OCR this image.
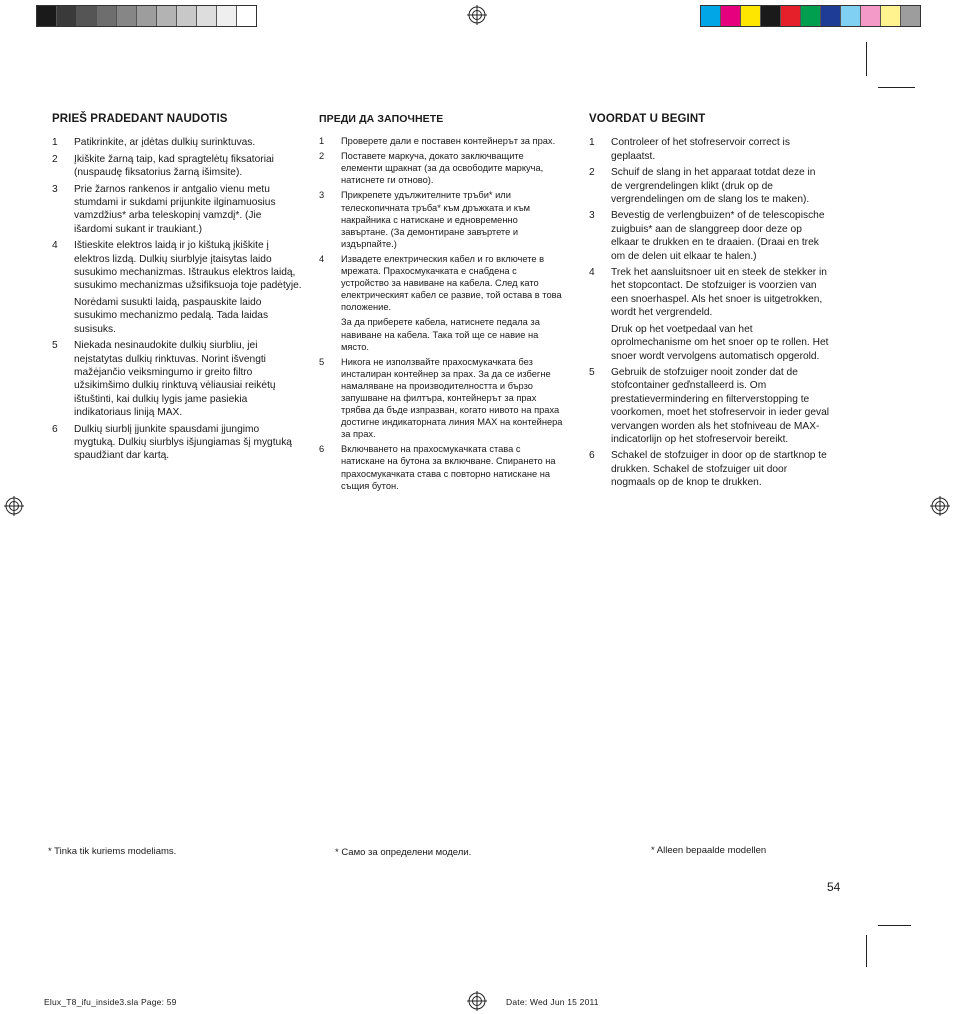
PRIEŠ PRADEDANT NAUDOTIS
1 Patikrinkite, ar įdėtas dulkių surinktuvas.

2 Įkiškite žarną taip, kad spragtelėtų fiksatoriai (nuspaudę fiksatorius žarną išimsite).

3 Prie žarnos rankenos ir antgalio vienu metu stumdami ir sukdami prijunkite ilginamuosius vamzdžius* arba teleskopinį vamzdį*. (Jie išardomi sukant ir traukiant.)

4 Ištieskite elektros laidą ir jo kištuką įkiškite į elektros lizdą. Dulkių siurblyje įtaisytas laido susukimo mechanizmas. Ištraukus elektros laidą, susukimo mechanizmas užsifiksuoja toje padėtyje.

Norėdami susukti laidą, paspauskite laido susukimo mechanizmo pedalą. Tada laidas susisuks.

5 Niekada nesinaudokite dulkių siurbliu, jei neįstatytas dulkių rinktuvas. Norint išvengti mažėjančio veiksmingumo ir greito filtro užsikimšimo dulkių rinktuvą vėliausiai reikėtų ištuštinti, kai dulkių lygis jame pasiekia indikatoriaus liniją MAX.

6 Dulkių siurblį įjunkite spausdami įjungimo mygtuką. Dulkių siurblys išjungiamas šį mygtuką spaudžiant dar kartą.

ПРЕДИ ДА ЗАПОЧНЕТЕ
1 Проверете дали е поставен контейнерът за прах.

2 Поставете маркуча, докато заключващите елементи щракнат (за да освободите маркуча, натиснете ги отново).

3 Прикрепете удължителните тръби* или телескопичната тръба* към дръжката и към накрайника с натискане и едновременно завъртане. (За демонтиране завъртете и издърпайте.)

4 Извадете електрическия кабел и го включете в мрежата. Прахосмукачката е снабдена с устройство за навиване на кабела. След като електрическият кабел се развие, той остава в това положение.

За да приберете кабела, натиснете педала за навиване на кабела. Така той ще се навие на място.

5 Никога не използвайте прахосмукачката без инсталиран контейнер за прах. За да се избегне намаляване на производителността и бързо запушване на филтъра, контейнерът за прах трябва да бъде изпразван, когато нивото на праха достигне индикаторната линия MAX на контейнера за прах.

6 Включването на прахосмукачката става с натискане на бутона за включване. Спирането на прахосмукачката става с повторно натискане на същия бутон.

VOORDAT U BEGINT
1 Controleer of het stofreservoir correct is geplaatst.

2 Schuif de slang in het apparaat totdat deze in de vergrendelingen klikt (druk op de vergrendelingen om de slang los te maken).

3 Bevestig de verlengbuizen* of de telescopische zuigbuis* aan de slanggreep door deze op elkaar te drukken en te draaien. (Draai en trek om de delen uit elkaar te halen.)

4 Trek het aansluitsnoer uit en steek de stekker in het stopcontact. De stofzuiger is voorzien van een snoerhaspel. Als het snoer is uitgetrokken, wordt het vergrendeld.

Druk op het voetpedaal van het oprolmechanisme om het snoer op te rollen. Het snoer wordt vervolgens automatisch opgerold.

5 Gebruik de stofzuiger nooit zonder dat de stofcontainer geďnstalleerd is. Om prestatievermindering en filterverstopping te voorkomen, moet het stofreservoir in ieder geval vervangen worden als het stofniveau de MAX-indicatorlijn op het stofreservoir bereikt.

6 Schakel de stofzuiger in door op de startknop te drukken. Schakel de stofzuiger uit door nogmaals op de knop te drukken.

* Tinka tik kuriems modeliams.	* Само за определени модели.	* Alleen bepaalde modellen
54
Elux_T8_ifu_inside3.sla Page: 59	Date: Wed Jun 15 2011
